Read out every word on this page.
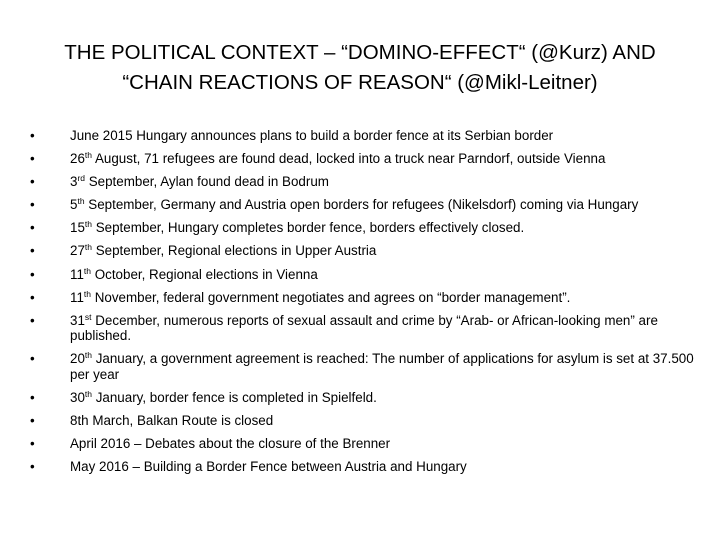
THE POLITICAL CONTEXT – “DOMINO-EFFECT“ (@Kurz) AND
“CHAIN REACTIONS OF REASON“ (@Mikl-Leitner)
•	June 2015 Hungary announces plans to build a border fence at its Serbian border
•	26th August, 71 refugees are found dead, locked into a truck near Parndorf, outside Vienna
•	3rd September, Aylan found dead in Bodrum
•	5th September, Germany and Austria open borders for refugees (Nikelsdorf) coming via Hungary
•	15th September, Hungary completes border fence, borders effectively closed.
•	27th September, Regional elections in Upper Austria
•	11th October, Regional elections in Vienna
•	11th November, federal government negotiates and agrees on “border management”.
•	31st December, numerous reports of sexual assault and crime by “Arab- or African-looking men” are published.
•	20th January, a government agreement is reached: The number of applications for asylum is set at 37.500 per year
•	30th January, border fence is completed in Spielfeld.
•	8th March, Balkan Route is closed
•	April 2016 – Debates about the closure of the Brenner
•	May 2016 – Building a Border Fence between Austria and Hungary
